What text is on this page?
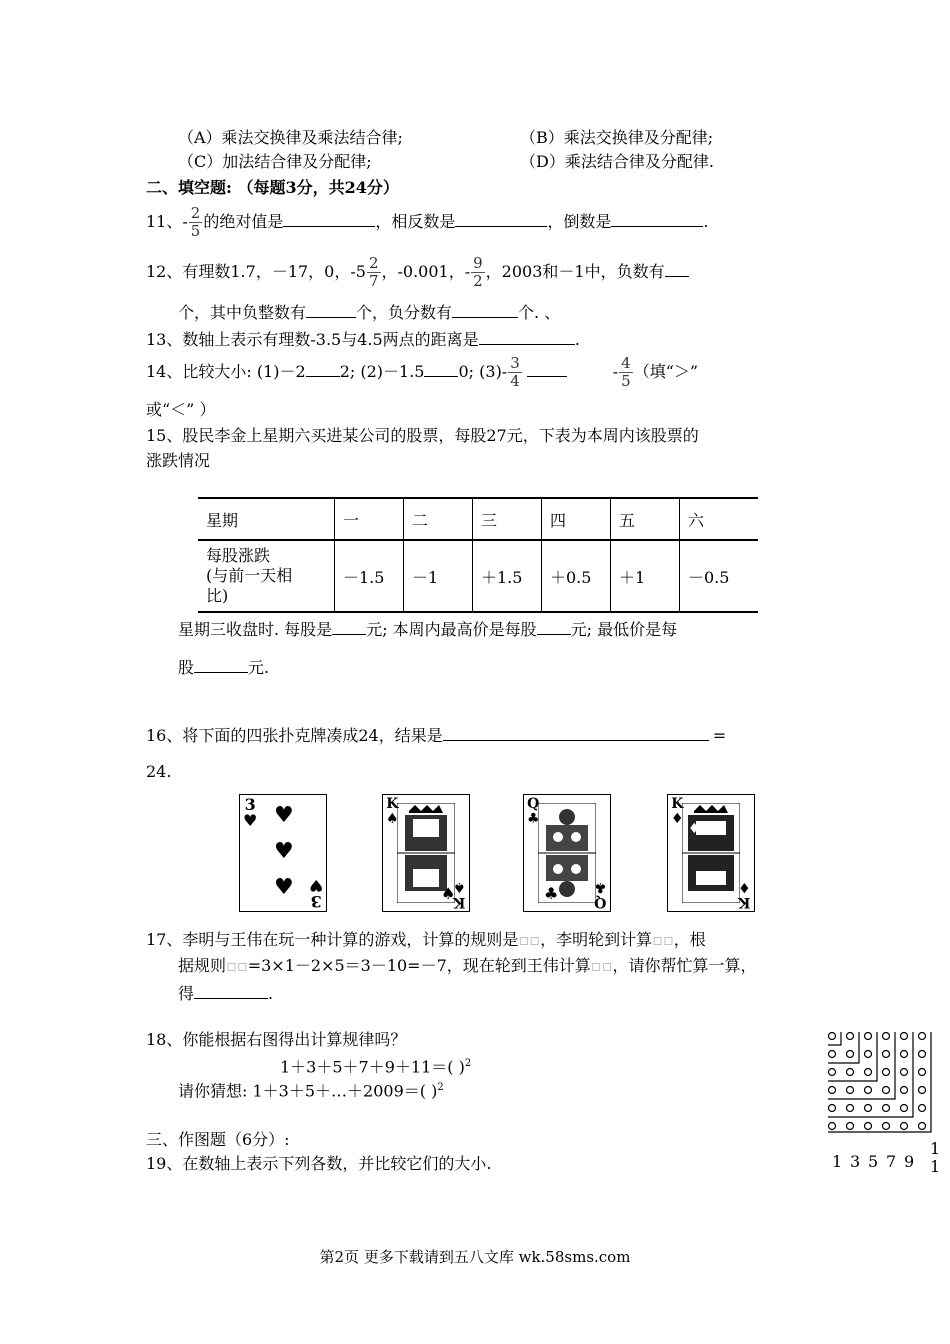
（A）乘法交换律及乘法结合律;	（B）乘法交换律及分配律;
（C）加法结合律及分配律;	（D）乘法结合律及分配律.
二、填空题: （每题3分，共24分）
11、- $\frac{2}{5}$ 的绝对值是	，相反数是	，倒数是	.
12、有理数1.7，－17，0，$-5 \frac{2}{7}$ ，-0.001，- $\frac{9}{2}$ ，2003和－1中，负数有
个，其中负整数有	个，负分数有	个. 、
13、数轴上表示有理数-3.5与4.5两点的距离是	.
14、比较大小: (1)－2 2; (2)－1.5 0; $(3)- \frac{3}{4}$	- $\frac{4}{5}$ （填“＞”
或“＜” ）
15、股民李金上星期六买进某公司的股票，每股27元，下表为本周内该股票的
涨跌情况
星期	一	二	三	四	五	六

每股涨跌
(与前一天相
比)	－1.5	－1	＋1.5	＋0.5	＋1	－0.5
星期三收盘时. 每股是 元; 本周内最高价是每股 元; 最低价是每
股	元.
16、将下面的四张扑克牌凑成24，结果是	=
24.
3
♥ ♥
♥
♥
3
♥
K
♠
♠
K
♠
Q
♣
♣	Q
♣
K
♦
♦
K
♦
17、李明与王伟在玩一种计算的游戏，计算的规则是▫▫，李明轮到计算▫▫，根
据规则▫▫=3×1－2×5＝3－10=－7，现在轮到王伟计算▫▫，请你帮忙算一算，
得	.
18、你能根据右图得出计算规律吗？
1＋3＋5＋7＋9＋11＝( )$^2$
请你猜想: 1＋3＋5＋…＋2009＝( )$^2$
1 3 5 7 9
1
1
三、作图题（6分）:
19、在数轴上表示下列各数，并比较它们的大小.
第2页 更多下载请到五八文库 wk.58sms.com
